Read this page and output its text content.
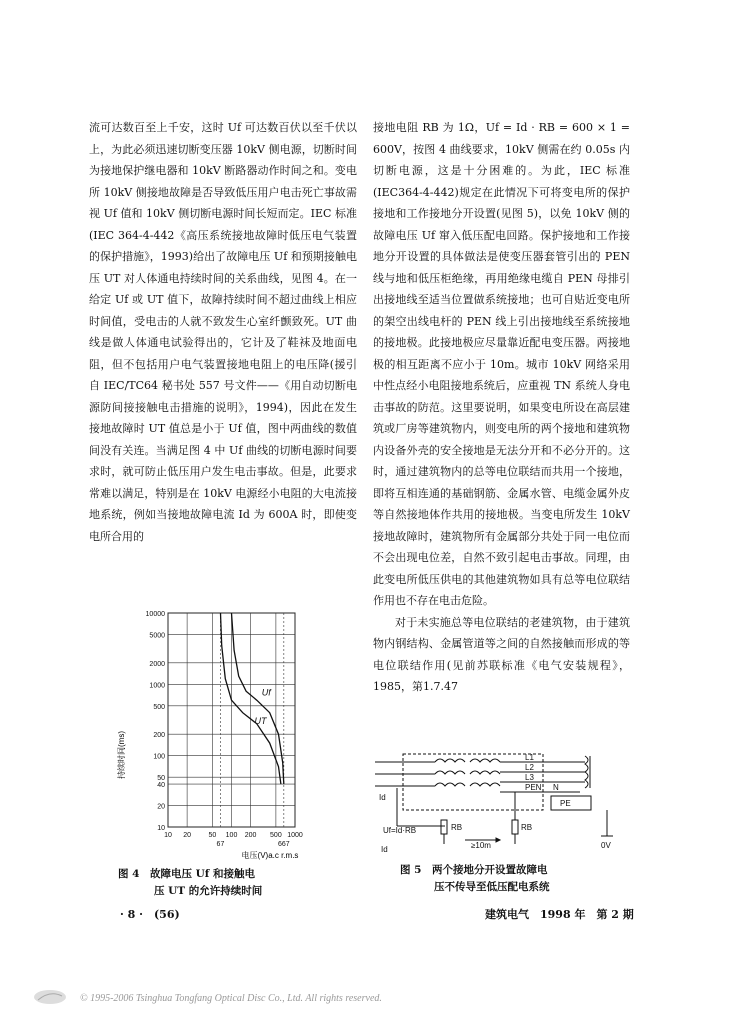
流可达数百至上千安，这时 Uf 可达数百伏以至千伏以上，为此必须迅速切断变压器 10kV 侧电源，切断时间为接地保护继电器和 10kV 断路器动作时间之和。变电所 10kV 侧接地故障是否导致低压用户电击死亡事故需视 Uf 值和 10kV 侧切断电源时间长短而定。IEC 标准(IEC 364-4-442《高压系统接地故障时低压电气装置的保护措施》，1993)给出了故障电压 Uf 和预期接触电压 UT 对人体通电持续时间的关系曲线，见图 4。在一给定 Uf 或 UT 值下，故障持续时间不超过曲线上相应时间值，受电击的人就不致发生心室纤颤致死。UT 曲线是做人体通电试验得出的，它计及了鞋袜及地面电阻，但不包括用户电气装置接地电阻上的电压降(援引自 IEC/TC64 秘书处 557 号文件——《用自动切断电源防间接接触电击措施的说明》，1994)，因此在发生接地故障时 UT 值总是小于 Uf 值，图中两曲线的数值间没有关连。当满足图 4 中 Uf 曲线的切断电源时间要求时，就可防止低压用户发生电击事故。但是，此要求常难以满足，特别是在 10kV 电源经小电阻的大电流接地系统，例如当接地故障电流 Id 为 600A 时，即使变电所合用的

接地电阻 RB 为 1Ω，Uf = Id · RB = 600 × 1 = 600V，按图 4 曲线要求，10kV 侧需在约 0.05s 内切断电源，这是十分困难的。为此，IEC 标准(IEC364-4-442)规定在此情况下可将变电所的保护接地和工作接地分开设置(见图 5)，以免 10kV 侧的故障电压 Uf 窜入低压配电回路。保护接地和工作接地分开设置的具体做法是使变压器套管引出的 PEN 线与地和低压柜绝缘，再用绝缘电缆自 PEN 母排引出接地线至适当位置做系统接地；也可自贴近变电所的架空出线电杆的 PEN 线上引出接地线至系统接地的接地极。此接地极应尽量靠近配电变压器。两接地极的相互距离不应小于 10m。城市 10kV 网络采用中性点经小电阻接地系统后，应重视 TN 系统人身电击事故的防范。这里要说明，如果变电所设在高层建筑或厂房等建筑物内，则变电所的两个接地和建筑物内设备外壳的安全接地是无法分开和不必分开的。这时，通过建筑物内的总等电位联结而共用一个接地，即将互相连通的基础钢筋、金属水管、电缆金属外皮等自然接地体作共用的接地极。当变电所发生 10kV 接地故障时，建筑物所有金属部分共处于同一电位而不会出现电位差，自然不致引起电击事故。同理，由此变电所低压供电的其他建筑物如具有总等电位联结作用也不存在电击危险。

对于未实施总等电位联结的老建筑物，由于建筑物内钢结构、金属管道等之间的自然接触而形成的等电位联结作用(见前苏联标准《电气安装规程》，1985，第1.7.47

10000
5000
2000
1000
500
200
100
50
40
20
10
10 20 50 100 200 500 1000
67	667
Uf
UT
持续时间(ms)
电压(V)a.c r.m.s
图 4　故障电压 Uf 和接触电
压 UT 的允许持续时间
L1
L2
L3
PEN N
PE
Id
Uf=Id·RB	RB	RB
≥10m	0V
Id
图 5　两个接地分开设置故障电
压不传导至低压配电系统
· 8 ·　(56)	建筑电气　1998 年　第 2 期
© 1995-2006 Tsinghua Tongfang Optical Disc Co., Ltd. All rights reserved.
